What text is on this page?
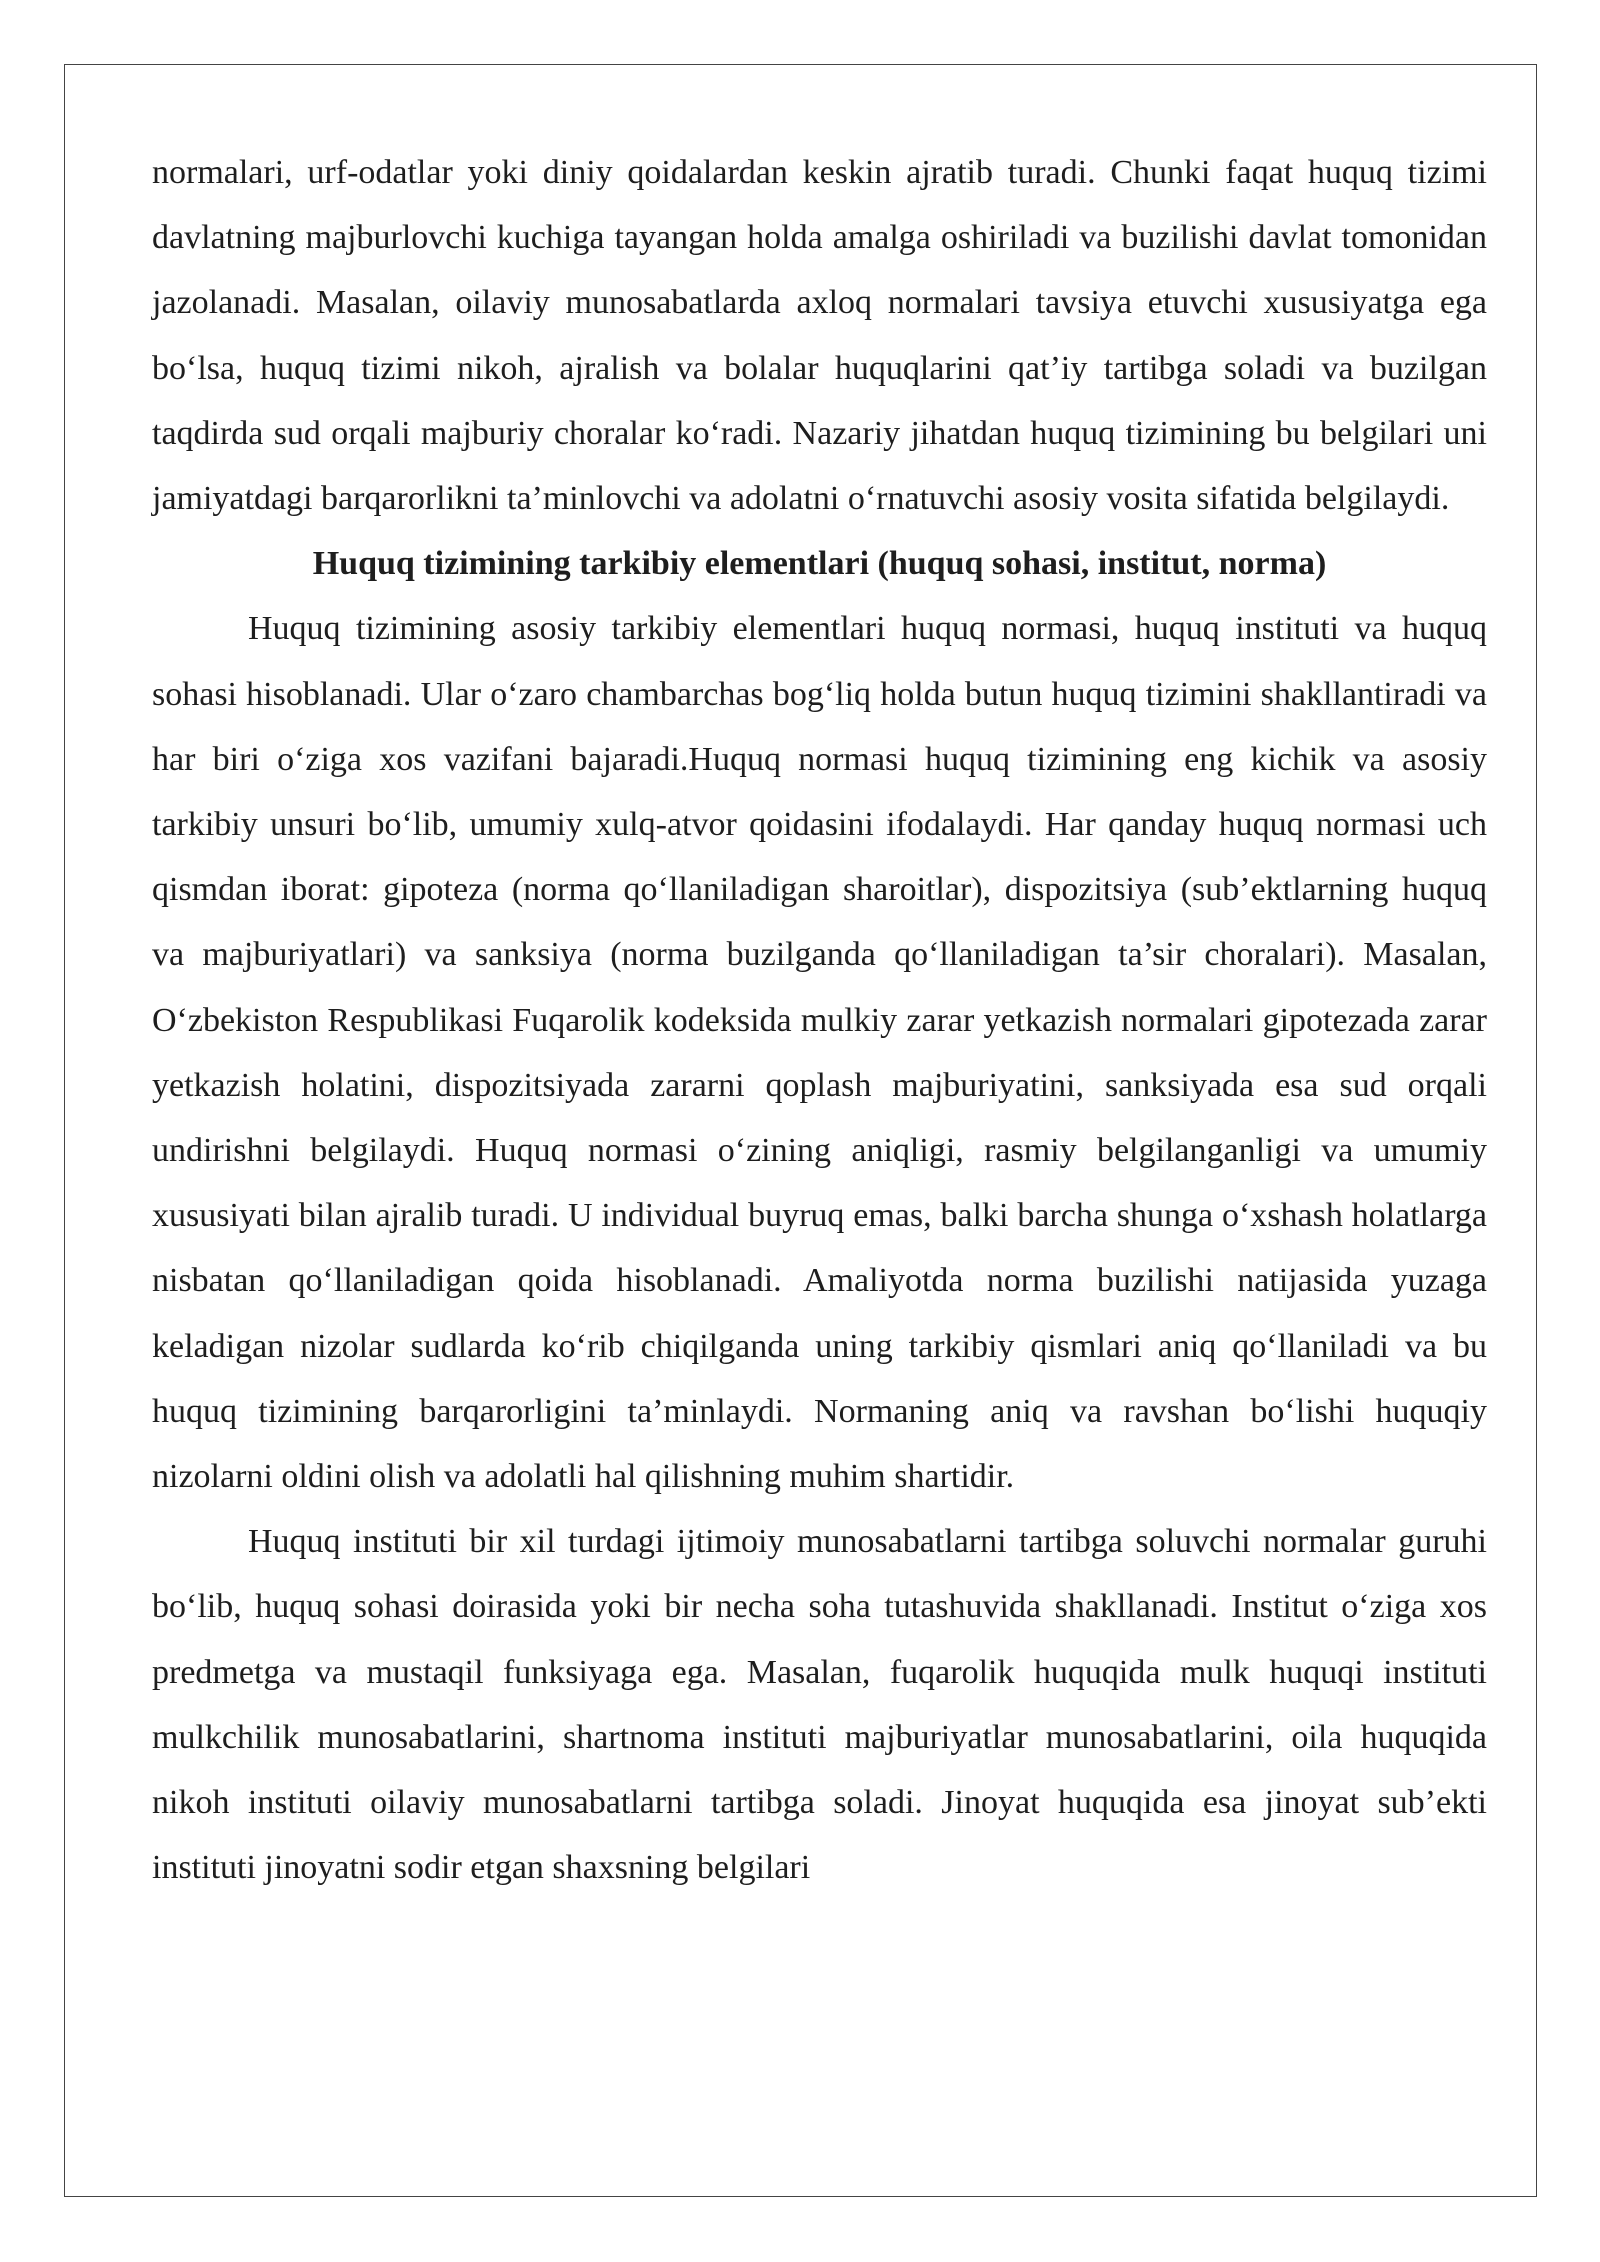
normalari, urf-odatlar yoki diniy qoidalardan keskin ajratib turadi. Chunki faqat huquq tizimi davlatning majburlovchi kuchiga tayangan holda amalga oshiriladi va buzilishi davlat tomonidan jazolanadi. Masalan, oilaviy munosabatlarda axloq normalari tavsiya etuvchi xususiyatga ega bo‘lsa, huquq tizimi nikoh, ajralish va bolalar huquqlarini qat’iy tartibga soladi va buzilgan taqdirda sud orqali majburiy choralar ko‘radi. Nazariy jihatdan huquq tizimining bu belgilari uni jamiyatdagi barqarorlikni ta’minlovchi va adolatni o‘rnatuvchi asosiy vosita sifatida belgilaydi.

Huquq tizimining tarkibiy elementlari (huquq sohasi, institut, norma)

Huquq tizimining asosiy tarkibiy elementlari huquq normasi, huquq instituti va huquq sohasi hisoblanadi. Ular o‘zaro chambarchas bog‘liq holda butun huquq tizimini shakllantiradi va har biri o‘ziga xos vazifani bajaradi.Huquq normasi huquq tizimining eng kichik va asosiy tarkibiy unsuri bo‘lib, umumiy xulq-atvor qoidasini ifodalaydi. Har qanday huquq normasi uch qismdan iborat: gipoteza (norma qo‘llaniladigan sharoitlar), dispozitsiya (sub’ektlarning huquq va majburiyatlari) va sanksiya (norma buzilganda qo‘llaniladigan ta’sir choralari). Masalan, O‘zbekiston Respublikasi Fuqarolik kodeksida mulkiy zarar yetkazish normalari gipotezada zarar yetkazish holatini, dispozitsiyada zararni qoplash majburiyatini, sanksiyada esa sud orqali undirishni belgilaydi. Huquq normasi o‘zining aniqligi, rasmiy belgilanganligi va umumiy xususiyati bilan ajralib turadi. U individual buyruq emas, balki barcha shunga o‘xshash holatlarga nisbatan qo‘llaniladigan qoida hisoblanadi. Amaliyotda norma buzilishi natijasida yuzaga keladigan nizolar sudlarda ko‘rib chiqilganda uning tarkibiy qismlari aniq qo‘llaniladi va bu huquq tizimining barqarorligini ta’minlaydi. Normaning aniq va ravshan bo‘lishi huquqiy nizolarni oldini olish va adolatli hal qilishning muhim shartidir.

Huquq instituti bir xil turdagi ijtimoiy munosabatlarni tartibga soluvchi normalar guruhi bo‘lib, huquq sohasi doirasida yoki bir necha soha tutashuvida shakllanadi. Institut o‘ziga xos predmetga va mustaqil funksiyaga ega. Masalan, fuqarolik huquqida mulk huquqi instituti mulkchilik munosabatlarini, shartnoma instituti majburiyatlar munosabatlarini, oila huquqida nikoh instituti oilaviy munosabatlarni tartibga soladi. Jinoyat huquqida esa jinoyat sub’ekti instituti jinoyatni sodir etgan shaxsning belgilari
